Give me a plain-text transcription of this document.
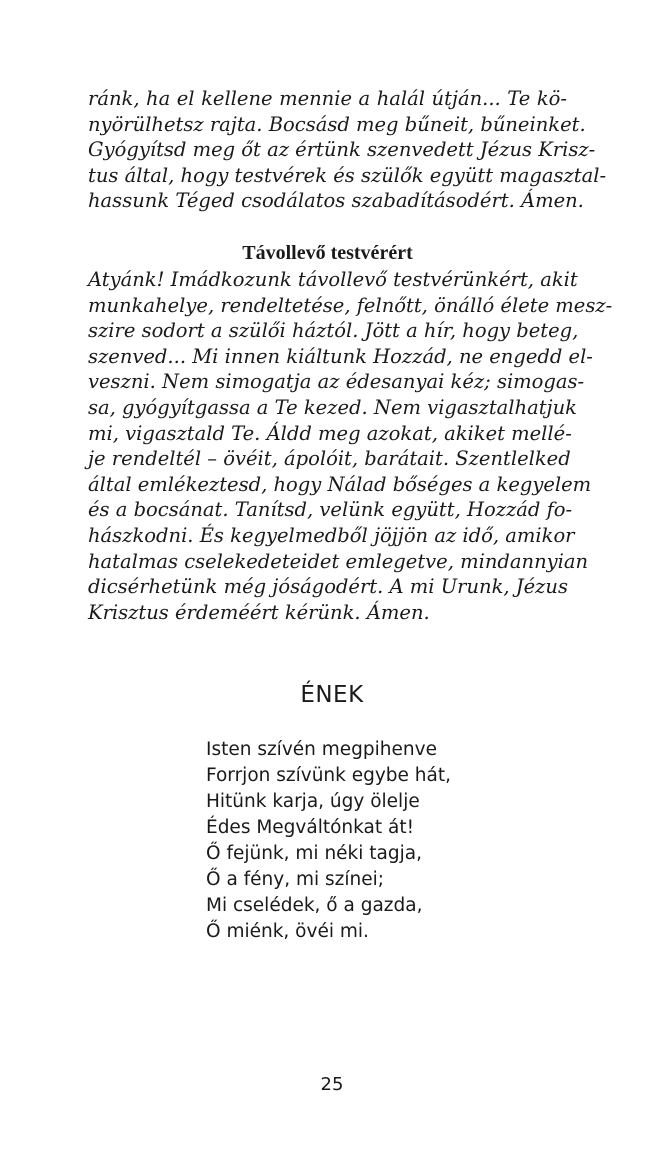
ránk, ha el kellene mennie a halál útján... Te kö-
nyörülhetsz rajta. Bocsásd meg bűneit, bűneinket.
Gyógyítsd meg őt az értünk szenvedett Jézus Krisz-
tus által, hogy testvérek és szülők együtt magasztal-
hassunk Téged csodálatos szabadításodért. Ámen.
Távollevő testvérért
Atyánk! Imádkozunk távollevő testvérünkért, akit
munkahelye, rendeltetése, felnőtt, önálló élete mesz-
szire sodort a szülői háztól. Jött a hír, hogy beteg,
szenved... Mi innen kiáltunk Hozzád, ne engedd el-
veszni. Nem simogatja az édesanyai kéz; simogas-
sa, gyógyítgassa a Te kezed. Nem vigasztalhatjuk
mi, vigasztald Te. Áldd meg azokat, akiket mellé-
je rendeltél – övéit, ápolóit, barátait. Szentlelked
által emlékeztesd, hogy Nálad bőséges a kegyelem
és a bocsánat. Tanítsd, velünk együtt, Hozzád fo-
hászkodni. És kegyelmedből jöjjön az idő, amikor
hatalmas cselekedeteidet emlegetve, mindannyian
dicsérhetünk még jóságodért. A mi Urunk, Jézus
Krisztus érdeméért kérünk. Ámen.
ÉNEK
Isten szívén megpihenve
Forrjon szívünk egybe hát,
Hitünk karja, úgy ölelje
Édes Megváltónkat át!
Ő fejünk, mi néki tagja,
Ő a fény, mi színei;
Mi cselédek, ő a gazda,
Ő miénk, övéi mi.
25
